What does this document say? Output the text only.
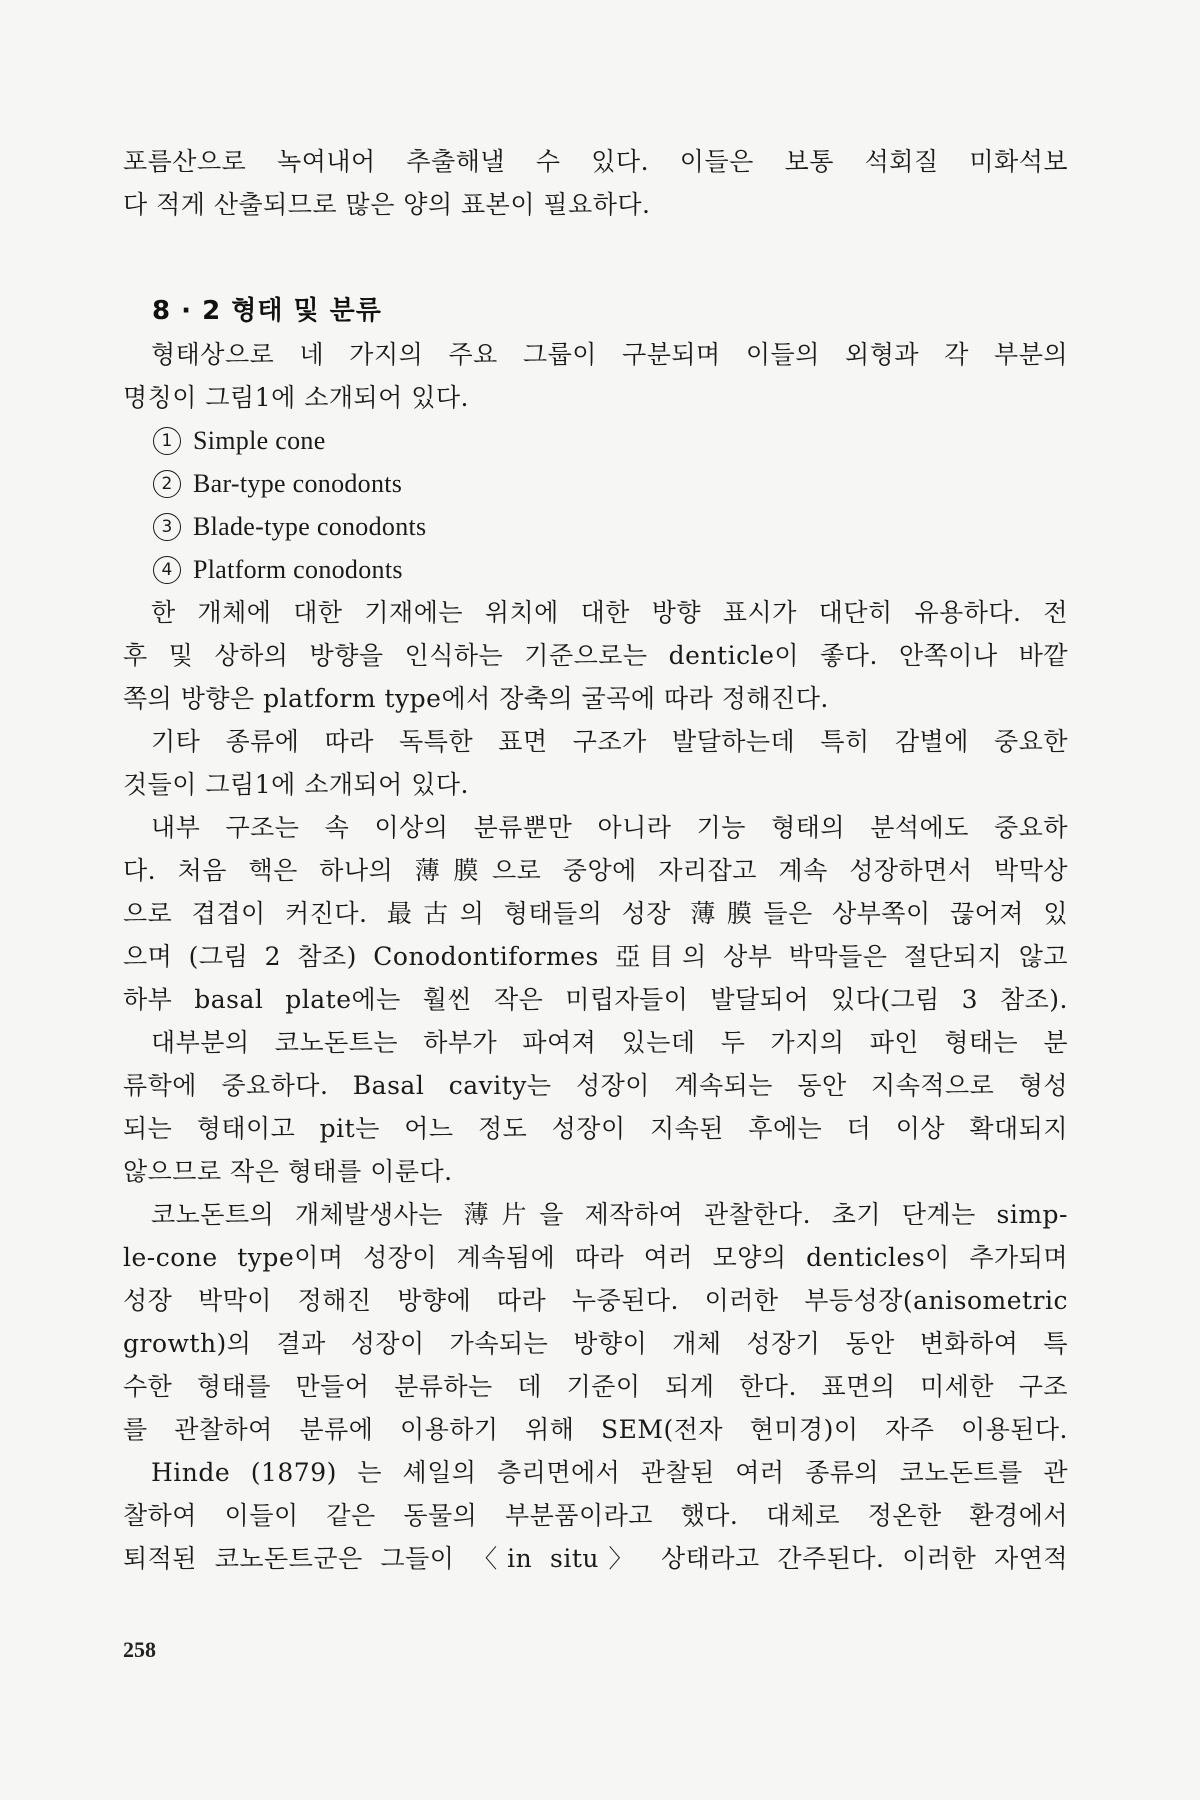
포름산으로 녹여내어 추출해낼 수 있다. 이들은 보통 석회질 미화석보
다 적게 산출되므로 많은 양의 표본이 필요하다.
8 · 2 형태 및 분류
형태상으로 네 가지의 주요 그룹이 구분되며 이들의 외형과 각 부분의
명칭이 그림1에 소개되어 있다.
1 Simple cone
2 Bar-type conodonts
3 Blade-type conodonts
4 Platform conodonts
한 개체에 대한 기재에는 위치에 대한 방향 표시가 대단히 유용하다. 전
후 및 상하의 방향을 인식하는 기준으로는 denticle이 좋다. 안쪽이나 바깥
쪽의 방향은 platform type에서 장축의 굴곡에 따라 정해진다.
기타 종류에 따라 독특한 표면 구조가 발달하는데 특히 감별에 중요한
것들이 그림1에 소개되어 있다.
내부 구조는 속 이상의 분류뿐만 아니라 기능 형태의 분석에도 중요하
다. 처음 핵은 하나의 薄膜으로 중앙에 자리잡고 계속 성장하면서 박막상
으로 겹겹이 커진다. 最古의 형태들의 성장 薄膜들은 상부쪽이 끊어져 있
으며 (그림 2 참조) Conodontiformes 亞目의 상부 박막들은 절단되지 않고
하부 basal plate에는 훨씬 작은 미립자들이 발달되어 있다(그림 3 참조).
대부분의 코노돈트는 하부가 파여져 있는데 두 가지의 파인 형태는 분
류학에 중요하다. Basal cavity는 성장이 계속되는 동안 지속적으로 형성
되는 형태이고 pit는 어느 정도 성장이 지속된 후에는 더 이상 확대되지
않으므로 작은 형태를 이룬다.
코노돈트의 개체발생사는 薄片을 제작하여 관찰한다. 초기 단계는 simp-
le-cone type이며 성장이 계속됨에 따라 여러 모양의 denticles이 추가되며
성장 박막이 정해진 방향에 따라 누중된다. 이러한 부등성장(anisometric
growth)의 결과 성장이 가속되는 방향이 개체 성장기 동안 변화하여 특
수한 형태를 만들어 분류하는 데 기준이 되게 한다. 표면의 미세한 구조
를 관찰하여 분류에 이용하기 위해 SEM(전자 현미경)이 자주 이용된다.
Hinde (1879) 는 셰일의 층리면에서 관찰된 여러 종류의 코노돈트를 관
찰하여 이들이 같은 동물의 부분품이라고 했다. 대체로 정온한 환경에서
퇴적된 코노돈트군은 그들이 〈in situ〉 상태라고 간주된다. 이러한 자연적
258
